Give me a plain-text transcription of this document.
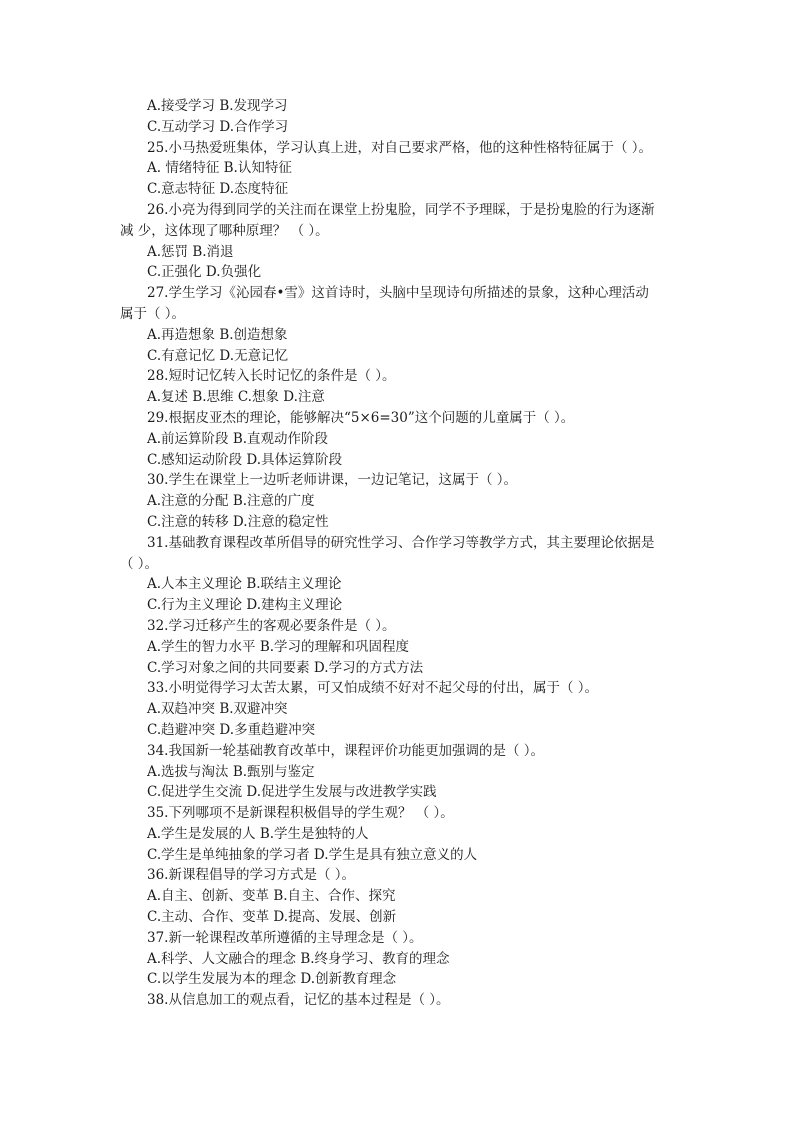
A.接受学习 B.发现学习
C.互动学习 D.合作学习
25.小马热爱班集体，学习认真上进，对自己要求严格，他的这种性格特征属于（ ）。
A. 情绪特征 B.认知特征
C.意志特征 D.态度特征
26.小亮为得到同学的关注而在课堂上扮鬼脸，同学不予理睬，于是扮鬼脸的行为逐渐
减 少，这体现了哪种原理？ （ ）。
A.惩罚 B.消退
C.正强化 D.负强化
27.学生学习《沁园春•雪》这首诗时，头脑中呈现诗句所描述的景象，这种心理活动
属于（ ）。
A.再造想象 B.创造想象
C.有意记忆 D.无意记忆
28.短时记忆转入长时记忆的条件是（ ）。
A.复述 B.思维 C.想象 D.注意
29.根据皮亚杰的理论，能够解决“5×6=30”这个问题的儿童属于（ ）。
A.前运算阶段 B.直观动作阶段
C.感知运动阶段 D.具体运算阶段
30.学生在课堂上一边听老师讲课，一边记笔记，这属于（ ）。
A.注意的分配 B.注意的广度
C.注意的转移 D.注意的稳定性
31.基础教育课程改革所倡导的研究性学习、合作学习等教学方式，其主要理论依据是
（ ）。
A.人本主义理论 B.联结主义理论
C.行为主义理论 D.建构主义理论
32.学习迁移产生的客观必要条件是（ ）。
A.学生的智力水平 B.学习的理解和巩固程度
C.学习对象之间的共同要素 D.学习的方式方法
33.小明觉得学习太苦太累，可又怕成绩不好对不起父母的付出，属于（ ）。
A.双趋冲突 B.双避冲突
C.趋避冲突 D.多重趋避冲突
34.我国新一轮基础教育改革中，课程评价功能更加强调的是（ ）。
A.选拔与淘汰 B.甄别与鉴定
C.促进学生交流 D.促进学生发展与改进教学实践
35.下列哪项不是新课程积极倡导的学生观？ （ ）。
A.学生是发展的人 B.学生是独特的人
C.学生是单纯抽象的学习者 D.学生是具有独立意义的人
36.新课程倡导的学习方式是（ ）。
A.自主、创新、变革 B.自主、合作、探究
C.主动、合作、变革 D.提高、发展、创新
37.新一轮课程改革所遵循的主导理念是（ ）。
A.科学、人文融合的理念 B.终身学习、教育的理念
C.以学生发展为本的理念 D.创新教育理念
38.从信息加工的观点看，记忆的基本过程是（ ）。
